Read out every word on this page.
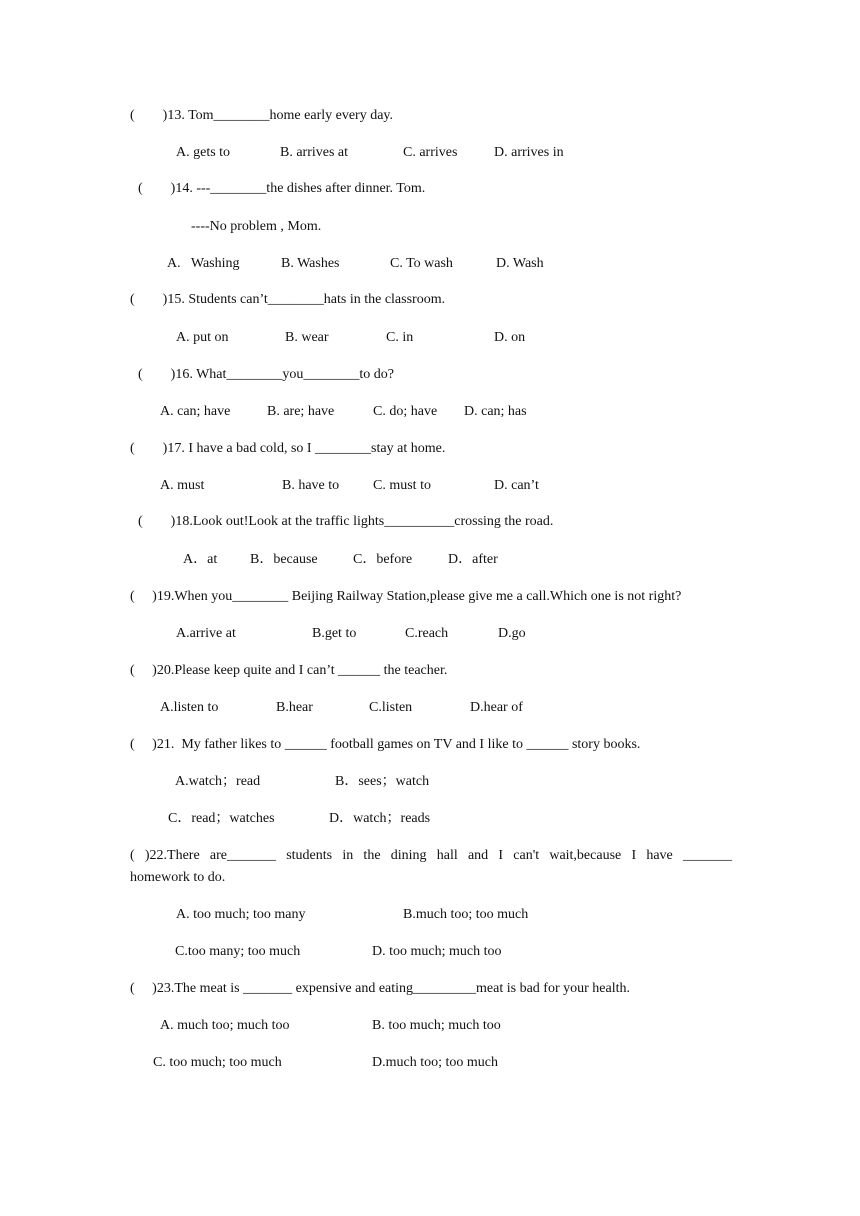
(        )13. Tom________home early every day.
A. gets to	B. arrives at	C. arrives	D. arrives in
(        )14. ---________the dishes after dinner. Tom.
----No problem , Mom.
A.   Washing	B. Washes	C. To wash	D. Wash
(        )15. Students can’t________hats in the classroom.
A. put on	B. wear	C. in	D. on
(        )16. What________you________to do?
A. can; have	B. are; have	C. do; have D. can; has
(        )17. I have a bad cold, so I ________stay at home.
A. must	B. have to C. must to	D. can’t
(        )18.Look out!Look at the traffic lights__________crossing the road.
A．at B．because	C．before	D．after
(     )19.When you________ Beijing Railway Station,please give me a call.Which one is not right?
A.arrive at	B.get to	C.reach	D.go
(     )20.Please keep quite and I can’t ______ the teacher.
A.listen to	B.hear	C.listen	D.hear of
(     )21.  My father likes to ______ football games on TV and I like to ______ story books.
A.watch；read	B．sees；watch
C．read；watches	D．watch；reads
( )22.There are_______ students in the dining hall and I can't wait,because I have _______
homework to do.
A. too much; too many	B.much too; too much
C.too many; too much	D. too much; much too
(     )23.The meat is _______ expensive and eating_________meat is bad for your health.
A. much too; much too	B. too much; much too
C. too much; too much	D.much too; too much
